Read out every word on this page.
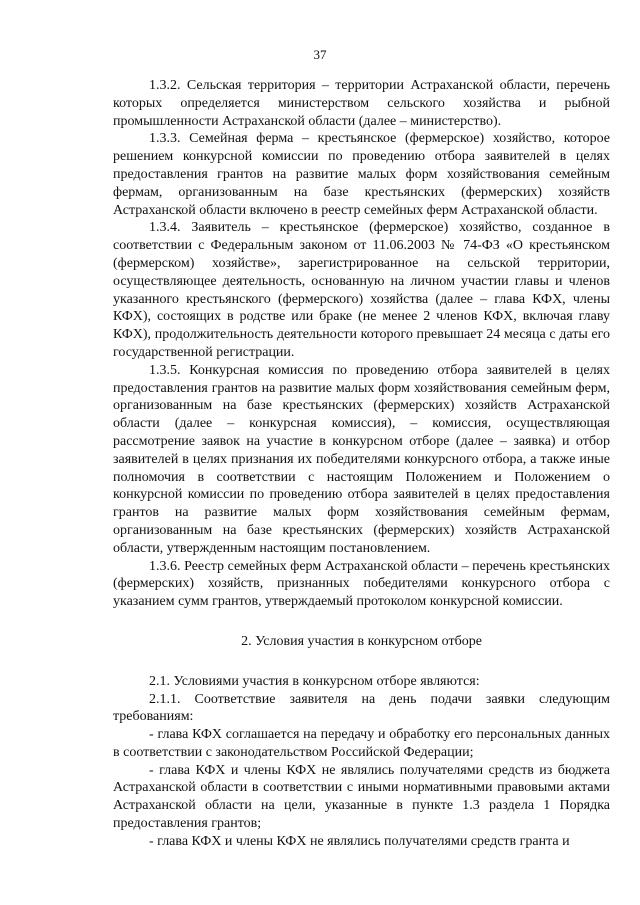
37

1.3.2. Сельская территория – территории Астраханской области, перечень которых определяется министерством сельского хозяйства и рыбной промышленности Астраханской области (далее – министерство).

1.3.3. Семейная ферма – крестьянское (фермерское) хозяйство, которое решением конкурсной комиссии по проведению отбора заявителей в целях предоставления грантов на развитие малых форм хозяйствования семейным фермам, организованным на базе крестьянских (фермерских) хозяйств Астраханской области включено в реестр семейных ферм Астраханской области.

1.3.4. Заявитель – крестьянское (фермерское) хозяйство, созданное в соответствии с Федеральным законом от 11.06.2003 № 74-ФЗ «О крестьянском (фермерском) хозяйстве», зарегистрированное на сельской территории, осуществляющее деятельность, основанную на личном участии главы и членов указанного крестьянского (фермерского) хозяйства (далее – глава КФХ, члены КФХ), состоящих в родстве или браке (не менее 2 членов КФХ, включая главу КФХ), продолжительность деятельности которого превышает 24 месяца с даты его государственной регистрации.

1.3.5. Конкурсная комиссия по проведению отбора заявителей в целях предоставления грантов на развитие малых форм хозяйствования семейным ферм, организованным на базе крестьянских (фермерских) хозяйств Астраханской области (далее – конкурсная комиссия), – комиссия, осуществляющая рассмотрение заявок на участие в конкурсном отборе (далее – заявка) и отбор заявителей в целях признания их победителями конкурсного отбора, а также иные полномочия в соответствии с настоящим Положением и Положением о конкурсной комиссии по проведению отбора заявителей в целях предоставления грантов на развитие малых форм хозяйствования семейным фермам, организованным на базе крестьянских (фермерских) хозяйств Астраханской области, утвержденным настоящим постановлением.

1.3.6. Реестр семейных ферм Астраханской области – перечень крестьянских (фермерских) хозяйств, признанных победителями конкурсного отбора с указанием сумм грантов, утверждаемый протоколом конкурсной комиссии.

2. Условия участия в конкурсном отборе

2.1. Условиями участия в конкурсном отборе являются:

2.1.1. Соответствие заявителя на день подачи заявки следующим требованиям:

- глава КФХ соглашается на передачу и обработку его персональных данных в соответствии с законодательством Российской Федерации;

- глава КФХ и члены КФХ не являлись получателями средств из бюджета Астраханской области в соответствии с иными нормативными правовыми актами Астраханской области на цели, указанные в пункте 1.3 раздела 1 Порядка предоставления грантов;

- глава КФХ и члены КФХ не являлись получателями средств гранта и
